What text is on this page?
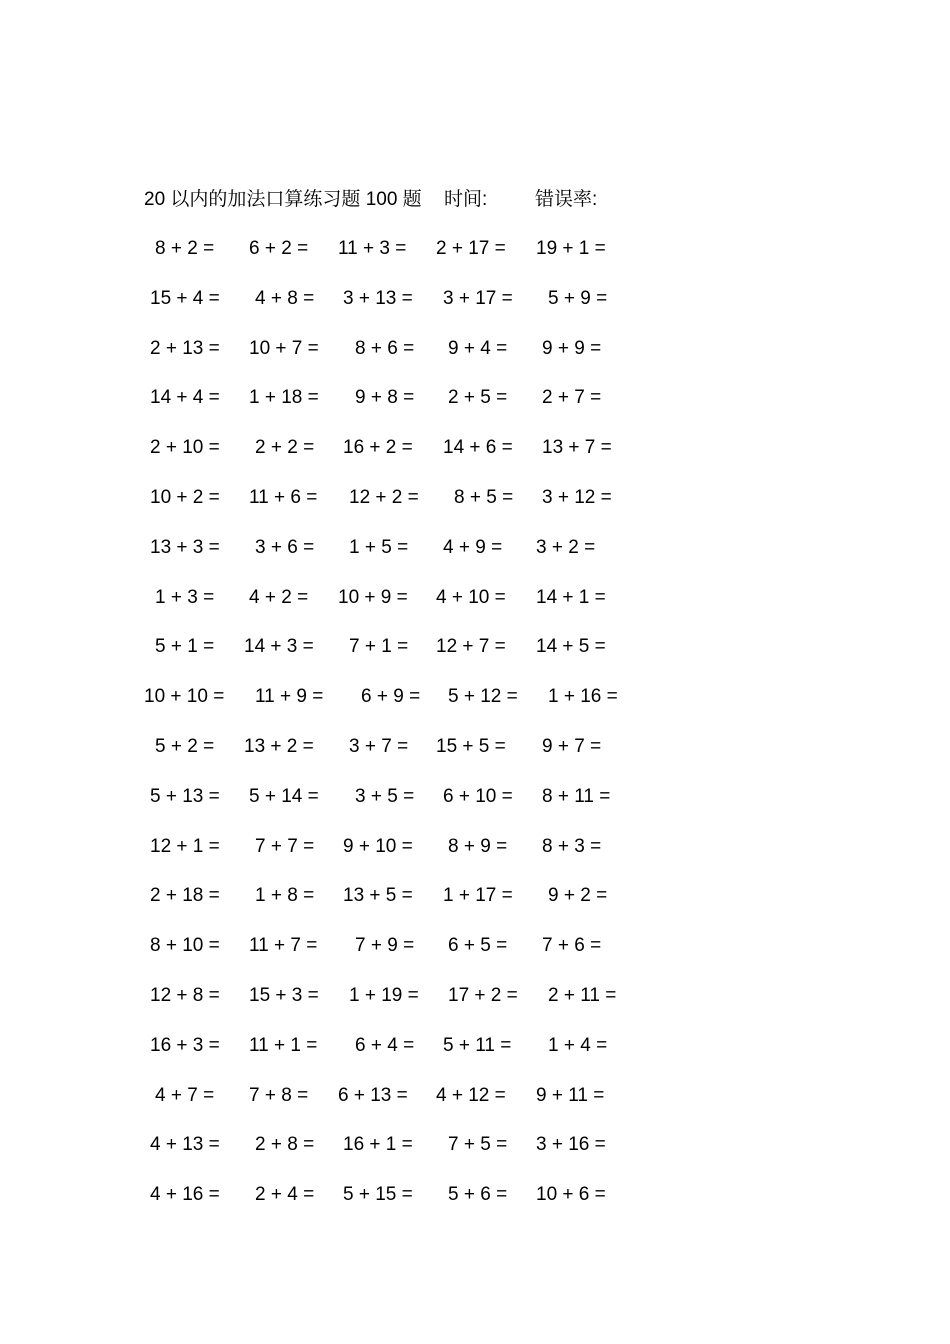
20 以内的加法口算练习题 100 题 时间:	错误率:
8 + 2 = 6 + 2 = 11 + 3 = 2 + 17 = 19 + 1 =
15 + 4 = 4 + 8 = 3 + 13 = 3 + 17 = 5 + 9 =
2 + 13 = 10 + 7 = 8 + 6 = 9 + 4 = 9 + 9 =
14 + 4 = 1 + 18 = 9 + 8 = 2 + 5 = 2 + 7 =
2 + 10 = 2 + 2 = 16 + 2 = 14 + 6 = 13 + 7 =
10 + 2 = 11 + 6 = 12 + 2 = 8 + 5 = 3 + 12 =
13 + 3 = 3 + 6 = 1 + 5 = 4 + 9 = 3 + 2 =
1 + 3 = 4 + 2 = 10 + 9 = 4 + 10 = 14 + 1 =
5 + 1 = 14 + 3 = 7 + 1 = 12 + 7 = 14 + 5 =
10 + 10 = 11 + 9 = 6 + 9 = 5 + 12 = 1 + 16 =
5 + 2 = 13 + 2 = 3 + 7 = 15 + 5 = 9 + 7 =
5 + 13 = 5 + 14 = 3 + 5 = 6 + 10 = 8 + 11 =
12 + 1 = 7 + 7 = 9 + 10 = 8 + 9 = 8 + 3 =
2 + 18 = 1 + 8 = 13 + 5 = 1 + 17 = 9 + 2 =
8 + 10 = 11 + 7 = 7 + 9 = 6 + 5 = 7 + 6 =
12 + 8 = 15 + 3 = 1 + 19 = 17 + 2 = 2 + 11 =
16 + 3 = 11 + 1 = 6 + 4 = 5 + 11 = 1 + 4 =
4 + 7 = 7 + 8 = 6 + 13 = 4 + 12 = 9 + 11 =
4 + 13 = 2 + 8 = 16 + 1 = 7 + 5 = 3 + 16 =
4 + 16 = 2 + 4 = 5 + 15 = 5 + 6 = 10 + 6 =
